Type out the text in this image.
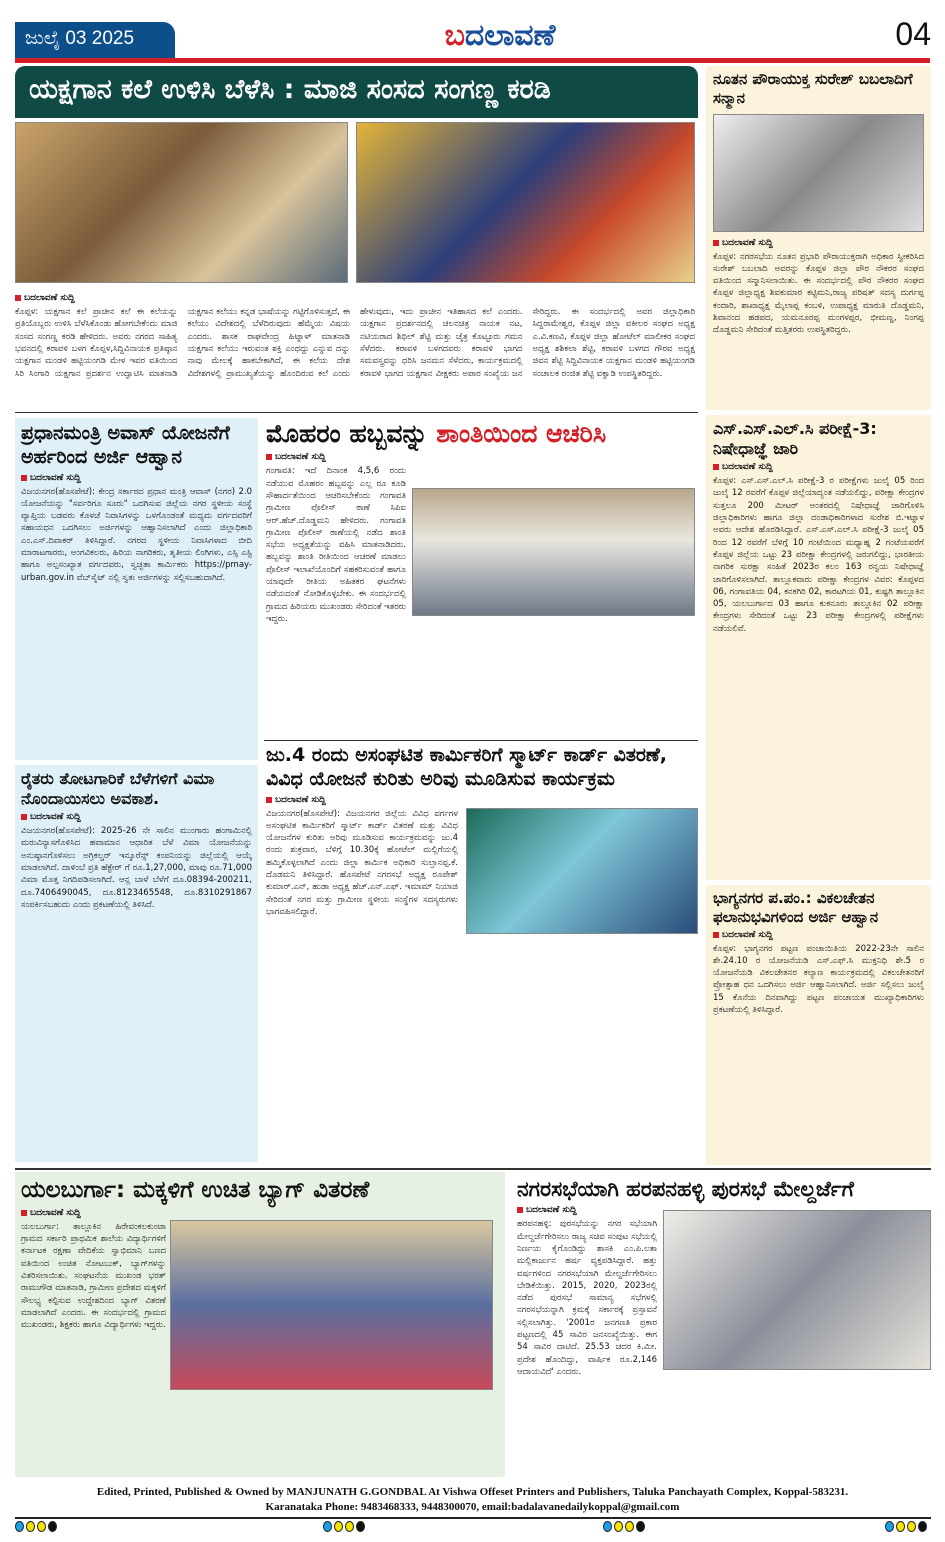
ಜುಲೈ 03 2025	ಬದಲಾವಣೆ	04
ಯಕ್ಷಗಾನ ಕಲೆ ಉಳಿಸಿ ಬೆಳೆಸಿ : ಮಾಜಿ ಸಂಸದ ಸಂಗಣ್ಣ ಕರಡಿ
ಬದಲಾವಣೆ ಸುದ್ದಿ
ಕೊಪ್ಪಳ: ಯಕ್ಷಗಾನ ಕಲೆ ಪ್ರಾಚೀನ ಕಲೆ ಈ ಕಲೆಯನ್ನು ಪ್ರತಿಯೊಬ್ಬರು ಉಳಿಸಿ ಬೆಳೆಸಿಕೊಂಡು ಹೋಗಬೇಕೆಂದು ಮಾಜಿ ಸಂಸದ ಸಂಗಣ್ಣ ಕರಡಿ ಹೇಳಿದರು. ಅವರು ನಗರದ ಸಾಹಿತ್ಯ ಭವನದಲ್ಲಿ ಕರಾವಳಿ ಬಳಗ ಕೊಪ್ಪಳ,ಸಿದ್ದಿವಿನಾಯಕ ಪ್ರತಿಷ್ಠಾನ ಯಕ್ಷಗಾನ ಮಂಡಳಿ ಹಟ್ಟಿಯಂಗಡಿ ಮೇಳ ಇವರ ವತಿಯಿಂದ ಸಿರಿ ಸಿಂಗಾರಿ ಯಕ್ಷಗಾನ ಪ್ರದರ್ಶನ ಉದ್ಘಾಟಿಸಿ ಮಾತನಾಡಿ ಯಕ್ಷಗಾನ ಕಲೆಯು ಕನ್ನಡ ಭಾಷೆಯನ್ನು ಗಟ್ಟಿಗೊಳಿಸುತ್ತದೆ, ಈ ಕಲೆಯು ವಿದೇಶದಲ್ಲಿ ಬೆಳೆದಿರುವುದು ಹೆಮ್ಮೆಯ ವಿಷಯ ಎಂದರು. ಶಾಸಕ ರಾಘವೇಂದ್ರ ಹಿಟ್ನಾಳ್ ಮಾತನಾಡಿ ಯಕ್ಷಗಾನ ಕಲೆಯು ಇರುವಂತ ಶಕ್ತಿ ಎಂಥದ್ದು ಎನ್ನುವ ದನ್ನು ನಾವು ಮೇಲಕ್ಕೆ ಹಾಕಬೇಕಾಗಿದೆ, ಈ ಕಲೆಯ ದೇಶ ವಿದೇಶಗಳಲ್ಲಿ ಪ್ರಾಮುಖ್ಯತೆಯನ್ನು ಹೊಂದಿರುವ ಕಲೆ ಎಂದು ಹೇಳುವುದು, ಇದು ಪ್ರಾಚೀನ ಇತಿಹಾಸದ ಕಲೆ ಎಂದರು. ಯಕ್ಷಗಾನ ಪ್ರದರ್ಶನದಲ್ಲಿ ಚಲನಚಿತ್ರ ನಾಯಕ ನಟ, ನಟಿಯರಾದ ಶಿಥಿಲ್ ಶೆಟ್ಟಿ ಮತ್ತು ಚೈತ್ರ ಕೊಟ್ಟೂರು ಗಮನ ಸೆಳೆದರು. ಕರಾವಳಿ ಬಳಗದವರು ಕರಾವಳಿ ಭಾಗದ ಸಮವಸ್ತ್ರವನ್ನು ಧರಿಸಿ ಜನಮನ ಸೆಳೆದರು, ಕಾರ್ಯಕ್ರಮದಲ್ಲಿ ಕರಾವಳಿ ಭಾಗದ ಯಕ್ಷಗಾನ ವೀಕ್ಷಕರು ಅಪಾರ ಸಂಖ್ಯೆಯ ಜನ ಸೇರಿದ್ದರು. ಈ ಸಂದರ್ಭದಲ್ಲಿ ಅವರ ಜಿಲ್ಲಾಧಿಕಾರಿ ಸಿದ್ದರಾಮೇಶ್ವರ, ಕೊಪ್ಪಳ ಜಿಲ್ಲಾ ವಕೀಲರ ಸಂಘದ ಅಧ್ಯಕ್ಷ ಎ.ವಿ.ಕಣವಿ, ಕೊಪ್ಪಳ ಜಿಲ್ಲಾ ಹೋಟೆಲ್ ಮಾಲೀಕರ ಸಂಘದ ಅಧ್ಯಕ್ಷ ಶಶಿಕಲಾ ಶೆಟ್ಟಿ, ಕರಾವಳಿ ಬಳಗದ ಗೌರವ ಅಧ್ಯಕ್ಷ ಜಿವನ ಶೆಟ್ಟಿ ಸಿದ್ದಿವಿನಾಯಕ ಯಕ್ಷಗಾನ ಮಂಡಳಿ ಹಟ್ಟಿಯಂಗಡಿ ಸಂಚಾಲಕ ರಂಜಿತ ಶೆಟ್ಟಿ ವಕ್ವಾಡಿ ಉಪಸ್ಥಿತರಿದ್ದರು.
ನೂತನ ಪೌರಾಯುಕ್ತ ಸುರೇಶ್ ಬಬಲಾದಿಗೆ ಸನ್ಮಾನ
ಬದಲಾವಣೆ ಸುದ್ದಿ
ಕೊಪ್ಪಳ: ನಗರಸಭೆಯ ನೂತನ ಪ್ರಭಾರಿ ಪೌರಾಯುಕ್ತರಾಗಿ ಅಧಿಕಾರ ಸ್ವೀಕರಿಸಿದ ಸುರೇಶ್ ಬಬಲಾದಿ ಅವರನ್ನು ಕೊಪ್ಪಳ ಜಿಲ್ಲಾ ಪೌರ ನೌಕರರ ಸಂಘದ ವತಿಯಿಂದ ಸನ್ಮಾನಿಸಲಾಯಿತು. ಈ ಸಂದರ್ಭದಲ್ಲಿ ಪೌರ ನೌಕರರ ಸಂಘದ ಕೊಪ್ಪಳ ಜಿಲ್ಲಾಧ್ಯಕ್ಷ ಶಿವಕುಮಾರ ಕಟ್ಟಿಮನಿ,ರಾಜ್ಯ ಪರಿಷತ್ ಸದಸ್ಯ ದುರ್ಗಪ್ಪ ಕಂದಾರಿ, ಶಾಖಾಧ್ಯಕ್ಷ ಮೈಲಾಪ್ಪ ಕಂಬಳಿ, ಉಪಾಧ್ಯಕ್ಷ ಮಾರುತಿ ದೊಡ್ಡಮನಿ, ಶಿವಾನಂದ ಹಡಪದ, ಯಮನೂರಪ್ಪ ಮಂಗಳಪ್ಪರ, ಭೀಮಣ್ಣ, ನಿಂಗಪ್ಪ ದೊಡ್ಡಮನಿ ಸೇರಿದಂತೆ ಮತ್ತಿತರರು ಉಪಸ್ಥಿತರಿದ್ದರು.
ಪ್ರಧಾನಮಂತ್ರಿ ಅವಾಸ್ ಯೋಜನೆಗೆ ಅರ್ಹರಿಂದ ಅರ್ಜಿ ಆಹ್ವಾನ
ಬದಲಾವಣೆ ಸುದ್ದಿ
ವಿಜಯನಗರ(ಹೊಸಪೇಟೆ): ಕೇಂದ್ರ ಸರ್ಕಾರದ ಪ್ರಧಾನ ಮಂತ್ರಿ ಆವಾಸ್ (ನಗರ) 2.0 ಯೋಜನೆಯನ್ನು "ಸರ್ವರಿಗೂ ಸೂರು" ಒದಗಿಸುವ ಜಿಲ್ಲೆಯ ನಗರ ಸ್ಥಳೀಯ ಸಂಸ್ಥೆ ವ್ಯಾಪ್ತಿಯ ಬಡವರು ಕೊಳಚೆ ನಿವಾಸಿಗಳನ್ನು ಒಳಗೊಂಡಂತೆ ಮಧ್ಯಮ ವರ್ಗದವರಿಗೆ ಸಹಾಯಧನ ಒದಗಿಸಲು ಅರ್ಜಿಗಳನ್ನು ಆಹ್ವಾನಿಸಲಾಗಿದೆ ಎಂದು ಜಿಲ್ಲಾಧಿಕಾರಿ ಎಂ.ಎಸ್.ದಿವಾಕರ್ ತಿಳಿಸಿದ್ದಾರೆ. ನಗರದ ಸ್ಥಳೀಯ ನಿವಾಸಿಗಳಾದ ಬೀದಿ ಮಾರಾಟಗಾರರು, ಅಂಗವಿಕಲರು, ಹಿರಿಯ ನಾಗರಿಕರು, ತೃತೀಯ ಲಿಂಗಿಗಳು, ಎಸ್ಸಿ ಎಸ್ಟಿ ಹಾಗೂ ಅಲ್ಪಸಂಖ್ಯಾತ ವರ್ಗದವರು, ಸ್ವಚ್ಛತಾ ಕಾರ್ಮಿಕರು https://pmay-urban.gov.in ವೆಬ್‌ಸೈಟ್ ನಲ್ಲಿ ಸ್ವತಃ ಅರ್ಜಿಗಳನ್ನು ಸಲ್ಲಿಸಬಹುದಾಗಿದೆ.
ರೈತರು ತೋಟಗಾರಿಕೆ ಬೆಳೆಗಳಿಗೆ ವಿಮಾ ನೊಂದಾಯಿಸಲು ಅವಕಾಶ.
ಬದಲಾವಣೆ ಸುದ್ದಿ
ವಿಜಯನಗರ(ಹೊಸಪೇಟೆ): 2025-26 ನೇ ಸಾಲಿನ ಮುಂಗಾರು ಹಂಗಾಮಿನಲ್ಲಿ ಮರುವಿನ್ಯಾಸಗೊಳಿಸಿದ ಹವಾಮಾನ ಆಧಾರಿತ ಬೆಳೆ ವಿಮಾ ಯೋಜನೆಯನ್ನು ಅನುಷ್ಠಾನಗೊಳಿಸಲು ಅಗ್ರಿಕಲ್ಚರ್ ಇನ್ಶೂರೆನ್ಸ್ ಕಂಪನಿಯನ್ನು ಜಿಲ್ಲೆಯಲ್ಲಿ ಆಯ್ಕೆ ಮಾಡಲಾಗಿದೆ. ದಾಳಿಂಬೆ ಪ್ರತಿ ಹೆಕ್ಟೇರ್ ಗೆ ರೂ.1,27,000, ಮಾವು ರೂ.71,000 ವಿಮಾ ಮೊತ್ತ ನಿಗದಿಪಡಿಸಲಾಗಿದೆ. ಆನ್ಲ ಬಾಳೆ ಬೆಳೆಗೆ ದೂ.08394-200211, ದೂ.7406490045, ದೂ.8123465548, ದೂ.8310291867 ಸಂಪರ್ಕಿಸಬಹುದು ಎಂದು ಪ್ರಕಟಣೆಯಲ್ಲಿ ತಿಳಿಸಿದೆ.
ಮೊಹರಂ ಹಬ್ಬವನ್ನು ಶಾಂತಿಯಿಂದ ಆಚರಿಸಿ
ಬದಲಾವಣೆ ಸುದ್ದಿ
ಗಂಗಾವತಿ: ಇದೆ ದಿನಾಂಕ 4,5,6 ರಂದು ನಡೆಯುವ ಮೊಹರಂ ಹಬ್ಬವನ್ನು ಎಲ್ಲ ರೂ ಕೂಡಿ ಸೌಹಾರ್ದತೆಯಿಂದ ಆಚರಿಸಬೇಕೆಂದು ಗಂಗಾವತಿ ಗ್ರಾಮೀಣ ಪೊಲೀಸ್ ಠಾಣೆ ಸಿಪಿಐ ಆರ್.ಹೆಚ್.ದೊಡ್ಡಮನಿ ಹೇಳಿದರು. ಗಂಗಾವತಿ ಗ್ರಾಮೀಣ ಪೊಲೀಸ್ ಠಾಣೆಯಲ್ಲಿ ನಡೆದ ಶಾಂತಿ ಸಭೆಯ ಅಧ್ಯಕ್ಷತೆಯನ್ನು ವಹಿಸಿ ಮಾತನಾಡಿದರು. ಹಬ್ಬವನ್ನು ಶಾಂತಿ ರೀತಿಯಿಂದ ಆಚರಣೆ ಮಾಡಲು ಪೊಲೀಸ್ ಇಲಾಖೆಯೊಂದಿಗೆ ಸಹಕರಿಸುವಂತೆ ಹಾಗೂ ಯಾವುದೇ ರೀತಿಯ ಅಹಿತಕರ ಘಟನೆಗಳು ನಡೆಯದಂತೆ ನೋಡಿಕೊಳ್ಳಬೇಕು. ಈ ಸಂದರ್ಭದಲ್ಲಿ ಗ್ರಾಮದ ಹಿರಿಯರು ಮುಖಂಡರು ಸೇರಿದಂತೆ ಇತರರು ಇದ್ದರು.
ಜು.4 ರಂದು ಅಸಂಘಟಿತ ಕಾರ್ಮಿಕರಿಗೆ ಸ್ಮಾರ್ಟ್ ಕಾರ್ಡ್ ವಿತರಣೆ, ವಿವಿಧ ಯೋಜನೆ ಕುರಿತು ಅರಿವು ಮೂಡಿಸುವ ಕಾರ್ಯಕ್ರಮ
ಬದಲಾವಣೆ ಸುದ್ದಿ
ವಿಜಯನಗರ(ಹೊಸಪೇಟೆ): ವಿಜಯನಗರ ಜಿಲ್ಲೆಯ ವಿವಿಧ ವರ್ಗಗಳ ಅಸಂಘಟಿತ ಕಾರ್ಮಿಕರಿಗೆ ಸ್ಮಾರ್ಟ್ ಕಾರ್ಡ್ ವಿತರಣೆ ಮತ್ತು ವಿವಿಧ ಯೋಜನೆಗಳ ಕುರಿತು ಅರಿವು ಮೂಡಿಸುವ ಕಾರ್ಯಕ್ರಮವನ್ನು ಜು.4 ರಂದು ಶುಕ್ರವಾರ, ಬೆಳಿಗ್ಗೆ 10.30ಕ್ಕೆ ಹೋಟೆಲ್ ಮಲ್ಲಿಗೆಯಲ್ಲಿ ಹಮ್ಮಿಕೊಳ್ಳಲಾಗಿದೆ ಎಂದು ಜಿಲ್ಲಾ ಕಾರ್ಮಿಕ ಅಧಿಕಾರಿ ಸುಲ್ತಾನಪ್ಪ.ಕೆ. ದೊಡಮನಿ ತಿಳಿಸಿದ್ದಾರೆ. ಹೊಸಪೇಟೆ ನಗರಸಭೆ ಅಧ್ಯಕ್ಷ ರೂಪೇಶ್ ಕುಮಾರ್.ಎನ್, ಹುಡಾ ಅಧ್ಯಕ್ಷ ಹೆಚ್.ಎನ್.ಎಫ್. ಇಮಾಮ್ ನಿಯಾಜಿ ಸೇರಿದಂತೆ ನಗರ ಮತ್ತು ಗ್ರಾಮೀಣ ಸ್ಥಳೀಯ ಸಂಸ್ಥೆಗಳ ಸದಸ್ಯರುಗಳು ಭಾಗವಹಿಸಲಿದ್ದಾರೆ.
ಎಸ್.ಎಸ್.ಎಲ್.ಸಿ ಪರೀಕ್ಷೆ-3: ನಿಷೇಧಾಜ್ಞೆ ಜಾರಿ
ಬದಲಾವಣೆ ಸುದ್ದಿ
ಕೊಪ್ಪಳ: ಎಸ್.ಎಸ್.ಎಲ್.ಸಿ ಪರೀಕ್ಷೆ-3 ರ ಪರೀಕ್ಷೆಗಳು ಜುಲೈ 05 ರಿಂದ ಜುಲೈ 12 ರವರೆಗೆ ಕೊಪ್ಪಳ ಜಿಲ್ಲೆಯಾದ್ಯಂತ ನಡೆಯಲಿದ್ದು, ಪರೀಕ್ಷಾ ಕೇಂದ್ರಗಳ ಸುತ್ತಲೂ 200 ಮೀಟರ್ ಅಂತರದಲ್ಲಿ ನಿಷೇಧಾಜ್ಞೆ ಜಾರಿಗೊಳಿಸಿ ಜಿಲ್ಲಾಧಿಕಾರಿಗಳು ಹಾಗೂ ಜಿಲ್ಲಾ ದಂಡಾಧಿಕಾರಿಗಳಾದ ಸುರೇಶ ಬಿ.ಇಟ್ನಾಳ ಅವರು ಆದೇಶ ಹೊರಡಿಸಿದ್ದಾರೆ. ಎಸ್.ಎಸ್.ಎಲ್.ಸಿ ಪರೀಕ್ಷೆ-3 ಜುಲೈ 05 ರಿಂದ 12 ರವರೆಗೆ ಬೆಳಿಗ್ಗೆ 10 ಗಂಟೆಯಿಂದ ಮಧ್ಯಾಹ್ನ 2 ಗಂಟೆಯವರೆಗೆ ಕೊಪ್ಪಳ ಜಿಲ್ಲೆಯ ಒಟ್ಟು 23 ಪರೀಕ್ಷಾ ಕೇಂದ್ರಗಳಲ್ಲಿ ಜರುಗಲಿದ್ದು, ಭಾರತೀಯ ನಾಗರಿಕ ಸುರಕ್ಷಾ ಸಂಹಿತೆ 2023ರ ಕಲಂ 163 ರನ್ವಯ ನಿಷೇಧಾಜ್ಞೆ ಜಾರಿಗೊಳಿಸಲಾಗಿದೆ. ತಾಲ್ಲೂಕವಾರು ಪರೀಕ್ಷಾ ಕೇಂದ್ರಗಳ ವಿವರ: ಕೊಪ್ಪಳದ 06, ಗಂಗಾವತಿಯ 04, ಕನಕಗಿರಿ 02, ಕಾರಟಗಿಯ 01, ಕುಷ್ಟಗಿ ತಾಲ್ಲೂಕಿನ 05, ಯಲಬುರ್ಗಾದ 03 ಹಾಗೂ ಕುಕನೂರು ತಾಲ್ಲೂಕಿನ 02 ಪರೀಕ್ಷಾ ಕೇಂದ್ರಗಳು ಸೇರಿದಂತೆ ಒಟ್ಟು 23 ಪರೀಕ್ಷಾ ಕೇಂದ್ರಗಳಲ್ಲಿ ಪರೀಕ್ಷೆಗಳು ನಡೆಯಲಿವೆ.
ಭಾಗ್ಯನಗರ ಪ.ಪಂ.: ವಿಕಲಚೇತನ ಫಲಾನುಭವಿಗಳಿಂದ ಅರ್ಜಿ ಆಹ್ವಾನ
ಬದಲಾವಣೆ ಸುದ್ದಿ
ಕೊಪ್ಪಳ: ಭಾಗ್ಯನಗರ ಪಟ್ಟಣ ಪಂಚಾಯಿತಿಯ 2022-23ನೇ ಸಾಲಿನ ಶೇ.24.10 ರ ಯೋಜನೆಯಡಿ ಎಸ್.ಎಫ್.ಸಿ ಮುಕ್ತನಿಧಿ ಶೇ.5 ರ ಯೋಜನೆಯಡಿ ವಿಕಲಚೇತನರ ಕಲ್ಯಾಣ ಕಾರ್ಯಕ್ರಮದಲ್ಲಿ ವಿಕಲಚೇತನರಿಗೆ ಪ್ರೋತ್ಸಾಹ ಧನ ಒದಗಿಸಲು ಅರ್ಜಿ ಆಹ್ವಾನಿಸಲಾಗಿದೆ. ಅರ್ಜಿ ಸಲ್ಲಿಸಲು ಜುಲೈ 15 ಕೊನೆಯ ದಿನವಾಗಿದ್ದು ಪಟ್ಟಣ ಪಂಚಾಯತ ಮುಖ್ಯಾಧಿಕಾರಿಗಳು ಪ್ರಕಟಣೆಯಲ್ಲಿ ತಿಳಿಸಿದ್ದಾರೆ.
ಯಲಬುರ್ಗಾ: ಮಕ್ಕಳಿಗೆ ಉಚಿತ ಬ್ಯಾಗ್ ವಿತರಣೆ
ಬದಲಾವಣೆ ಸುದ್ದಿ
ಯಲಬುರ್ಗಾ: ತಾಲ್ಲೂಕಿನ ಹಿರೇವಂಕಲಕುಂಟಾ ಗ್ರಾಮದ ಸರ್ಕಾರಿ ಪ್ರಾಥಮಿಕ ಶಾಲೆಯ ವಿದ್ಯಾರ್ಥಿಗಳಿಗೆ ಕರ್ನಾಟಕ ರಕ್ಷಣಾ ವೇದಿಕೆಯ ಸ್ವಾಭಿಮಾನಿ ಬಣದ ವತಿಯಿಂದ ಉಚಿತ ನೋಟಬುಕ್, ಬ್ಯಾಗ್‌ಗಳನ್ನು ವಿತರಿಸಲಾಯಿತು. ಸಂಘಟನೆಯ ಮುಖಂಡ ಭರತ್ ರಾಮುಗೌಡ ಮಾತನಾಡಿ, ಗ್ರಾಮೀಣ ಪ್ರದೇಶದ ಮಕ್ಕಳಿಗೆ ಸೌಲಭ್ಯ ಕಲ್ಪಿಸುವ ಉದ್ದೇಶದಿಂದ ಬ್ಯಾಗ್ ವಿತರಣೆ ಮಾಡಲಾಗಿದೆ ಎಂದರು. ಈ ಸಂದರ್ಭದಲ್ಲಿ ಗ್ರಾಮದ ಮುಖಂಡರು, ಶಿಕ್ಷಕರು ಹಾಗೂ ವಿದ್ಯಾರ್ಥಿಗಳು ಇದ್ದರು.
ನಗರಸಭೆಯಾಗಿ ಹರಪನಹಳ್ಳಿ ಪುರಸಭೆ ಮೇಲ್ದರ್ಜೆಗೆ
ಬದಲಾವಣೆ ಸುದ್ದಿ
ಹರಪನಹಳ್ಳಿ: ಪುರಸಭೆಯನ್ನು ನಗರ ಸಭೆಯಾಗಿ ಮೇಲ್ದರ್ಜೆಗೇರಿಸಲು ರಾಜ್ಯ ಸಚಿವ ಸಂಪುಟ ಸಭೆಯಲ್ಲಿ ನಿರ್ಣಯ ಕೈಗೊಂಡಿದ್ದು ಶಾಸಕಿ ಎಂ.ಪಿ.ಲತಾ ಮಲ್ಲಿಕಾರ್ಜುನ ಹರ್ಷ ವ್ಯಕ್ತಪಡಿಸಿದ್ದಾರೆ. ಹತ್ತು ವರ್ಷಗಳಿಂದ ನಗರಸಭೆಯಾಗಿ ಮೇಲ್ದರ್ಜೆಗೇರಿಸಲು ಬೇಡಿಕೆಯಿತ್ತು. 2015, 2020, 2023ರಲ್ಲಿ ನಡೆದ ಪುರಸಭೆ ಸಾಮಾನ್ಯ ಸಭೆಗಳಲ್ಲಿ ನಗರಸಭೆಯನ್ನಾಗಿ ಕ್ರಮಕ್ಕೆ ಸರ್ಕಾರಕ್ಕೆ ಪ್ರಸ್ತಾವನೆ ಸಲ್ಲಿಸಲಾಗಿತ್ತು. '2001ರ ಜನಗಣತಿ ಪ್ರಕಾರ ಪಟ್ಟಣದಲ್ಲಿ 45 ಸಾವಿರ ಜನಸಂಖ್ಯೆಯಿತ್ತು. ಈಗ 54 ಸಾವಿರ ದಾಟಿದೆ. 25.53 ಚದರ ಕಿ.ಮೀ. ಪ್ರದೇಶ ಹೊಂದಿದ್ದು, ವಾರ್ಷಿಕ ರೂ.2,146 ಆದಾಯವಿದೆ' ಎಂದರು.
Edited, Printed, Published & Owned by MANJUNATH G.GONDBAL At Vishwa Offeset Printers and Publishers, Taluka Panchayath Complex, Koppal-583231.
Karanataka Phone: 9483468333, 9448300070, email:badalavanedailykoppal@gmail.com
